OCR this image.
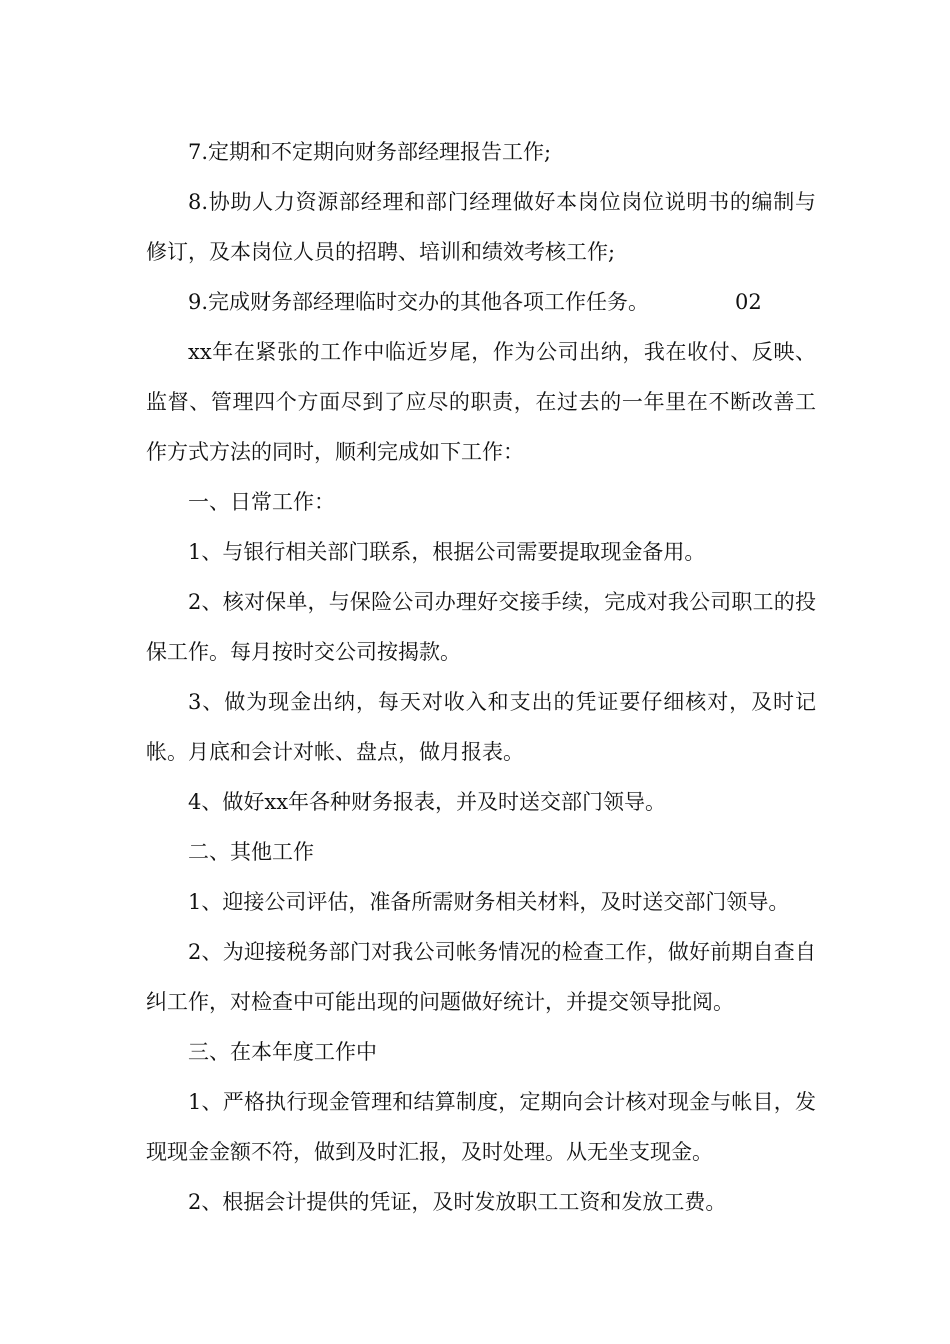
7.定期和不定期向财务部经理报告工作;

8.协助人力资源部经理和部门经理做好本岗位岗位说明书的编制与修订，及本岗位人员的招聘、培训和绩效考核工作;

9.完成财务部经理临时交办的其他各项工作任务。	02

xx年在紧张的工作中临近岁尾，作为公司出纳，我在收付、反映、监督、管理四个方面尽到了应尽的职责，在过去的一年里在不断改善工作方式方法的同时，顺利完成如下工作：

一、日常工作：

1、与银行相关部门联系，根据公司需要提取现金备用。

2、核对保单，与保险公司办理好交接手续，完成对我公司职工的投保工作。每月按时交公司按揭款。

3、做为现金出纳，每天对收入和支出的凭证要仔细核对，及时记帐。月底和会计对帐、盘点，做月报表。

4、做好xx年各种财务报表，并及时送交部门领导。

二、其他工作

1、迎接公司评估，准备所需财务相关材料，及时送交部门领导。

2、为迎接税务部门对我公司帐务情况的检查工作，做好前期自查自纠工作，对检查中可能出现的问题做好统计，并提交领导批阅。

三、在本年度工作中

1、严格执行现金管理和结算制度，定期向会计核对现金与帐目，发现现金金额不符，做到及时汇报，及时处理。从无坐支现金。

2、根据会计提供的凭证，及时发放职工工资和发放工费。
